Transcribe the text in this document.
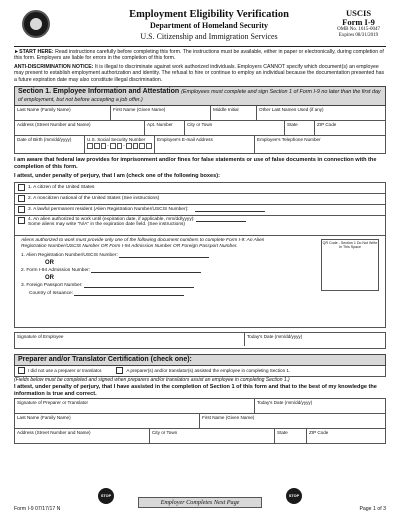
Employment Eligibility Verification
Department of Homeland Security
U.S. Citizenship and Immigration Services
USCIS
Form I-9
OMB No. 1615-0047
Expires 08/31/2019
►START HERE: Read instructions carefully before completing this form. The instructions must be available, either in paper or electronically, during completion of this form. Employers are liable for errors in the completion of this form.
ANTI-DISCRIMINATION NOTICE: It is illegal to discriminate against work authorized individuals. Employers CANNOT specify which document(s) an employee may present to establish employment authorization and identity. The refusal to hire or continue to employ an individual because the documentation presented has a future expiration date may also constitute illegal discrimination.
Section 1. Employee Information and Attestation (Employees must complete and sign Section 1 of Form I-9 no later than the first day of employment, but not before accepting a job offer.)
Last Name (Family Name)	First Name (Given Name)	Middle Initial	Other Last Names Used (if any)
Address (Street Number and Name)	Apt. Number	City or Town	State	ZIP Code
Date of Birth (mm/dd/yyyy)	U.S. Social Security Number
-	-
Employee's E-mail Address	Employee's Telephone Number
I am aware that federal law provides for imprisonment and/or fines for false statements or use of false documents in connection with the completion of this form.
I attest, under penalty of perjury, that I am (check one of the following boxes):
1. A citizen of the United States
2. A noncitizen national of the United States (See instructions)
3. A lawful permanent resident (Alien Registration Number/USCIS Number):
4. An alien authorized to work until (expiration date, if applicable, mm/dd/yyyy):
Some aliens may write "N/A" in the expiration date field. (See instructions)
QR Code - Section 1 Do Not Write In This Space
Aliens authorized to work must provide only one of the following document numbers to complete Form I-9: An Alien Registration Number/USCIS Number OR Form I-94 Admission Number OR Foreign Passport Number.
1. Alien Registration Number/USCIS Number:
OR
2. Form I-94 Admission Number:
OR
3. Foreign Passport Number:
Country of Issuance:
Signature of Employee	Today's Date (mm/dd/yyyy)
Preparer and/or Translator Certification (check one):
I did not use a preparer or translator.	A preparer(s) and/or translator(s) assisted the employee in completing Section 1.
(Fields below must be completed and signed when preparers and/or translators assist an employee in completing Section 1.)
I attest, under penalty of perjury, that I have assisted in the completion of Section 1 of this form and that to the best of my knowledge the information is true and correct.
Signature of Preparer or Translator	Today's Date (mm/dd/yyyy)
Last Name (Family Name)	First Name (Given Name)
Address (Street Number and Name)	City or Town	State	ZIP Code
Employer Completes Next Page
STOP	STOP
Form I-9 07/17/17 N	Page 1 of 3
